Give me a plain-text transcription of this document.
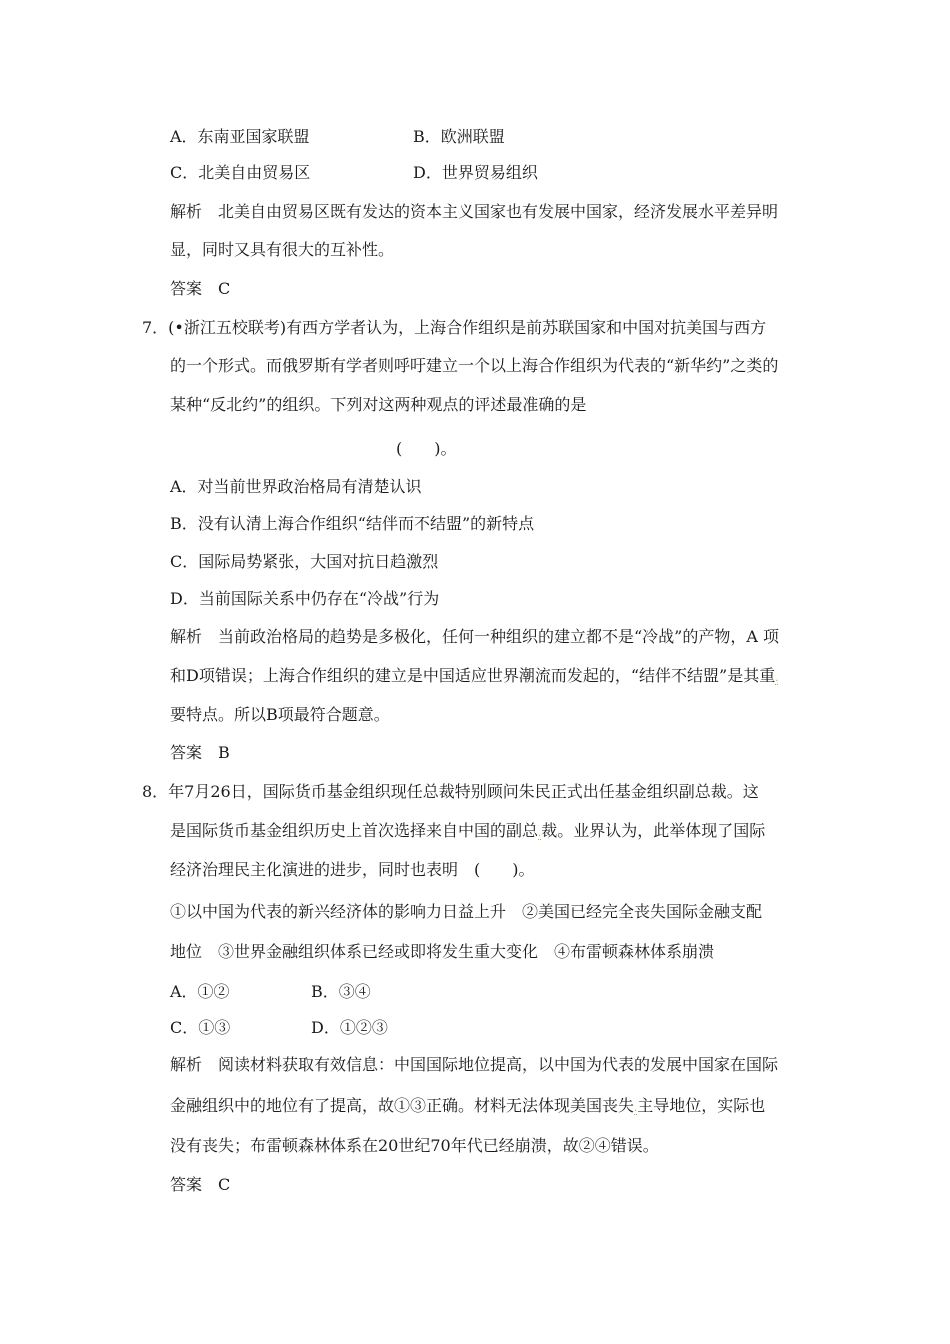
A．东南亚国家联盟	B．欧洲联盟
C．北美自由贸易区	D．世界贸易组织
解析　北美自由贸易区既有发达的资本主义国家也有发展中国家，经济发展水平差异明
显，同时又具有很大的互补性。
答案　C
7．(•浙江五校联考)有西方学者认为，上海合作组织是前苏联国家和中国对抗美国与西方
的一个形式。而俄罗斯有学者则呼吁建立一个以上海合作组织为代表的“新华约”之类的
某种“反北约”的组织。下列对这两种观点的评述最准确的是
(　　)。
A．对当前世界政治格局有清楚认识
B．没有认清上海合作组织“结伴而不结盟”的新特点
C．国际局势紧张，大国对抗日趋激烈
D．当前国际关系中仍存在“冷战”行为
解析　当前政治格局的趋势是多极化，任何一种组织的建立都不是“冷战”的产物，A 项
和D项错误；上海合作组织的建立是中国适应世界潮流而发起的，“结伴不结盟”是其重.
要特点。所以B项最符合题意。
答案　B
8．年7月26日，国际货币基金组织现任总裁特别顾问朱民正式出任基金组织副总裁。这
是国际货币基金组织历史上首次选择来自中国的副总.裁。业界认为，此举体现了国际
经济治理民主化演进的进步，同时也表明　(　　)。
①以中国为代表的新兴经济体的影响力日益上升　②美国已经完全丧失国际金融支配
地位　③世界金融组织体系已经或即将发生重大变化　④布雷顿森林体系崩溃
A．①②	B．③④
C．①③	D．①②③
解析　阅读材料获取有效信息：中国国际地位提高，以中国为代表的发展中国家在国际
金融组织中的地位有了提高，故①③正确。材料无法体现美国丧失.主导地位，实际也
没有丧失；布雷顿森林体系在20世纪70年代已经崩溃，故②④错误。
答案　C
